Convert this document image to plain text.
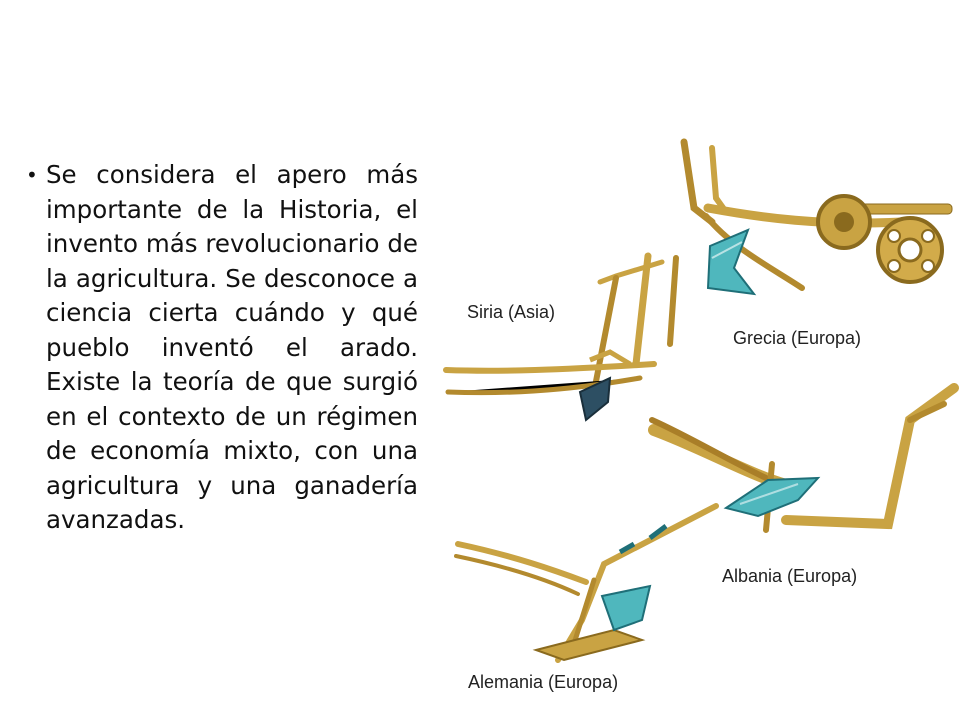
• Se considera el apero más importante de la Historia, el invento más revolucionario de la agricultura. Se desconoce a ciencia cierta cuándo y qué pueblo inventó el arado. Existe la teoría de que surgió en el contexto de un régimen de economía mixto, con una agricultura y una ganadería avanzadas.
Siria (Asia)
Grecia (Europa)
Albania (Europa)
Alemania (Europa)
